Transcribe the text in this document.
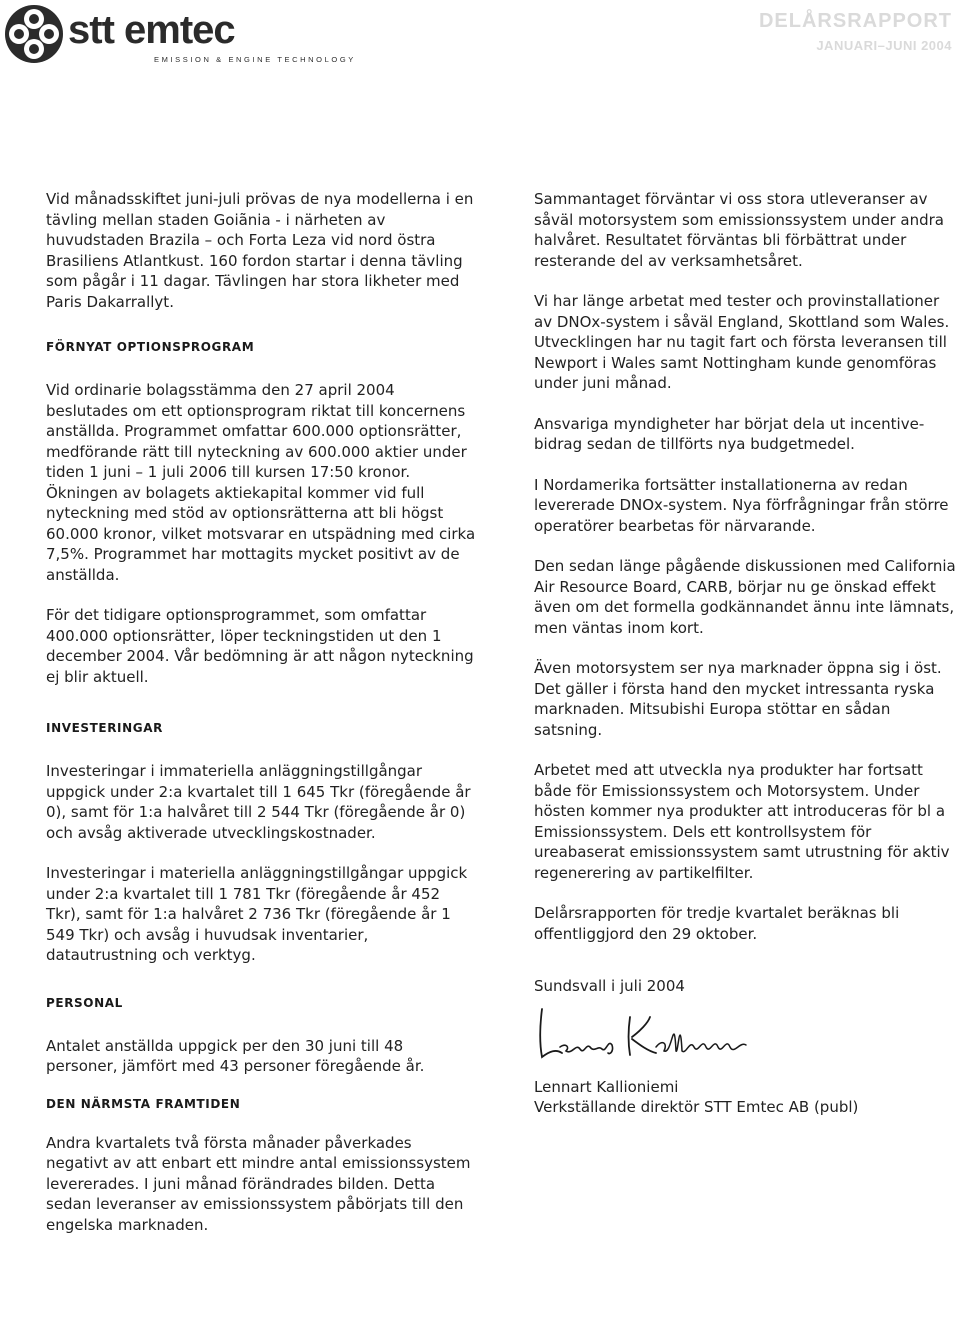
stt emtec

EMISSION & ENGINE TECHNOLOGY
DELÅRSRAPPORT
JANUARI–JUNI 2004

Vid månadsskiftet juni-juli prövas de nya modellerna i en tävling mellan staden Goiãnia - i närheten av huvudstaden Brazila – och Forta Leza vid nord östra Brasiliens Atlantkust. 160 fordon startar i denna tävling som pågår i 11 dagar. Tävlingen har stora likheter med Paris Dakarrallyt.

FÖRNYAT OPTIONSPROGRAM

Vid ordinarie bolagsstämma den 27 april 2004 beslutades om ett optionsprogram riktat till koncernens anställda. Programmet omfattar 600.000 optionsrätter, medförande rätt till nyteckning av 600.000 aktier under tiden 1 juni – 1 juli 2006 till kursen 17:50 kronor. Ökningen av bolagets aktiekapital kommer vid full nyteckning med stöd av optionsrätterna att bli högst 60.000 kronor, vilket motsvarar en utspädning med cirka 7,5%. Programmet har mottagits mycket positivt av de anställda.

För det tidigare optionsprogrammet, som omfattar 400.000 optionsrätter, löper teckningstiden ut den 1 december 2004. Vår bedömning är att någon nyteckning ej blir aktuell.

INVESTERINGAR

Investeringar i immateriella anläggningstillgångar uppgick under 2:a kvartalet till 1 645 Tkr (föregående år 0), samt för 1:a halvåret till 2 544 Tkr (föregående år 0) och avsåg aktiverade utvecklingskostnader.

Investeringar i materiella anläggningstillgångar uppgick under 2:a kvartalet till 1 781 Tkr (föregående år 452 Tkr), samt för 1:a halvåret 2 736 Tkr (föregående år 1 549 Tkr) och avsåg i huvudsak inventarier, datautrustning och verktyg.

PERSONAL

Antalet anställda uppgick per den 30 juni till 48 personer, jämfört med 43 personer föregående år.

DEN NÄRMSTA FRAMTIDEN

Andra kvartalets två första månader påverkades negativt av att enbart ett mindre antal emissionssystem levererades. I juni månad förändrades bilden. Detta sedan leveranser av emissionssystem påbörjats till den engelska marknaden.

Sammantaget förväntar vi oss stora utleveranser av såväl motorsystem som emissionssystem under andra halvåret. Resultatet förväntas bli förbättrat under resterande del av verksamhetsåret.

Vi har länge arbetat med tester och provinstallationer av DNOx-system i såväl England, Skottland som Wales. Utvecklingen har nu tagit fart och första leveransen till Newport i Wales samt Nottingham kunde genomföras under juni månad.

Ansvariga myndigheter har börjat dela ut incentivebidrag sedan de tillförts nya budgetmedel.

I Nordamerika fortsätter installationerna av redan levererade DNOx-system. Nya förfrågningar från större operatörer bearbetas för närvarande.

Den sedan länge pågående diskussionen med California Air Resource Board, CARB, börjar nu ge önskad effekt även om det formella godkännandet ännu inte lämnats, men väntas inom kort.

Även motorsystem ser nya marknader öppna sig i öst. Det gäller i första hand den mycket intressanta ryska marknaden. Mitsubishi Europa stöttar en sådan satsning.

Arbetet med att utveckla nya produkter har fortsatt både för Emissionssystem och Motorsystem. Under hösten kommer nya produkter att introduceras för bl a Emissionssystem. Dels ett kontrollsystem för ureabaserat emissionssystem samt utrustning för aktiv regenerering av partikelfilter.

Delårsrapporten för tredje kvartalet beräknas bli offentliggjord den 29 oktober.

Sundsvall i juli 2004

Lennart Kallioniemi

Verkställande direktör STT Emtec AB (publ)
